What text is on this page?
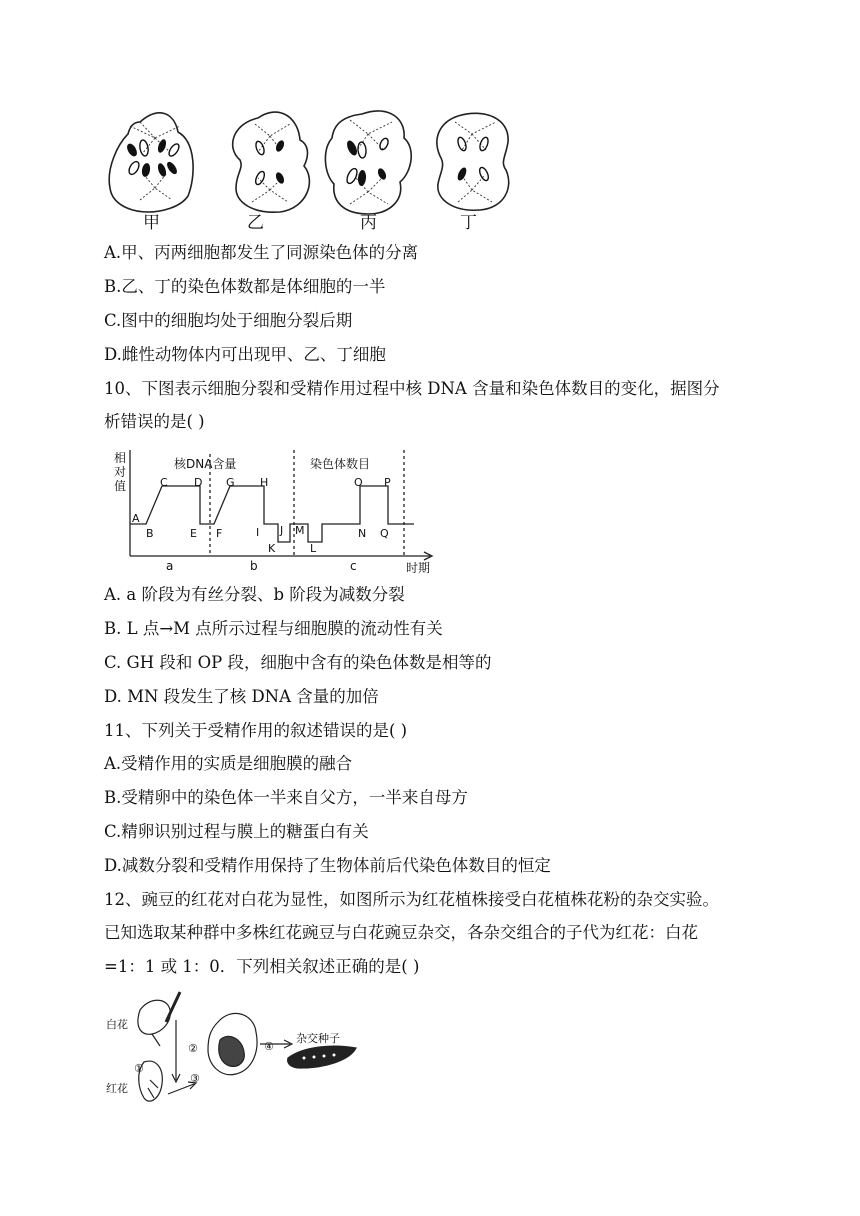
甲	乙	丙	丁
A.甲、丙两细胞都发生了同源染色体的分离
B.乙、丁的染色体数都是体细胞的一半
C.图中的细胞均处于细胞分裂后期
D.雌性动物体内可出现甲、乙、丁细胞
10、下图表示细胞分裂和受精作用过程中核 DNA 含量和染色体数目的变化，据图分
析错误的是( )
相
对
值
时期
核DNA含量	染色体数目
a	b	c
A
B
C D
E F
G H
I J
K	L
M	N
O P
Q
A. a 阶段为有丝分裂、b 阶段为减数分裂
B. L 点→M 点所示过程与细胞膜的流动性有关
C. GH 段和 OP 段，细胞中含有的染色体数是相等的
D. MN 段发生了核 DNA 含量的加倍
11、下列关于受精作用的叙述错误的是( )
A.受精作用的实质是细胞膜的融合
B.受精卵中的染色体一半来自父方，一半来自母方
C.精卵识别过程与膜上的糖蛋白有关
D.减数分裂和受精作用保持了生物体前后代染色体数目的恒定
12、豌豆的红花对白花为显性，如图所示为红花植株接受白花植株花粉的杂交实验。
已知选取某种群中多株红花豌豆与白花豌豆杂交，各杂交组合的子代为红花：白花
=1：1 或 1：0．下列相关叙述正确的是( )
白花
红花
杂交种子
①
②
③
④
